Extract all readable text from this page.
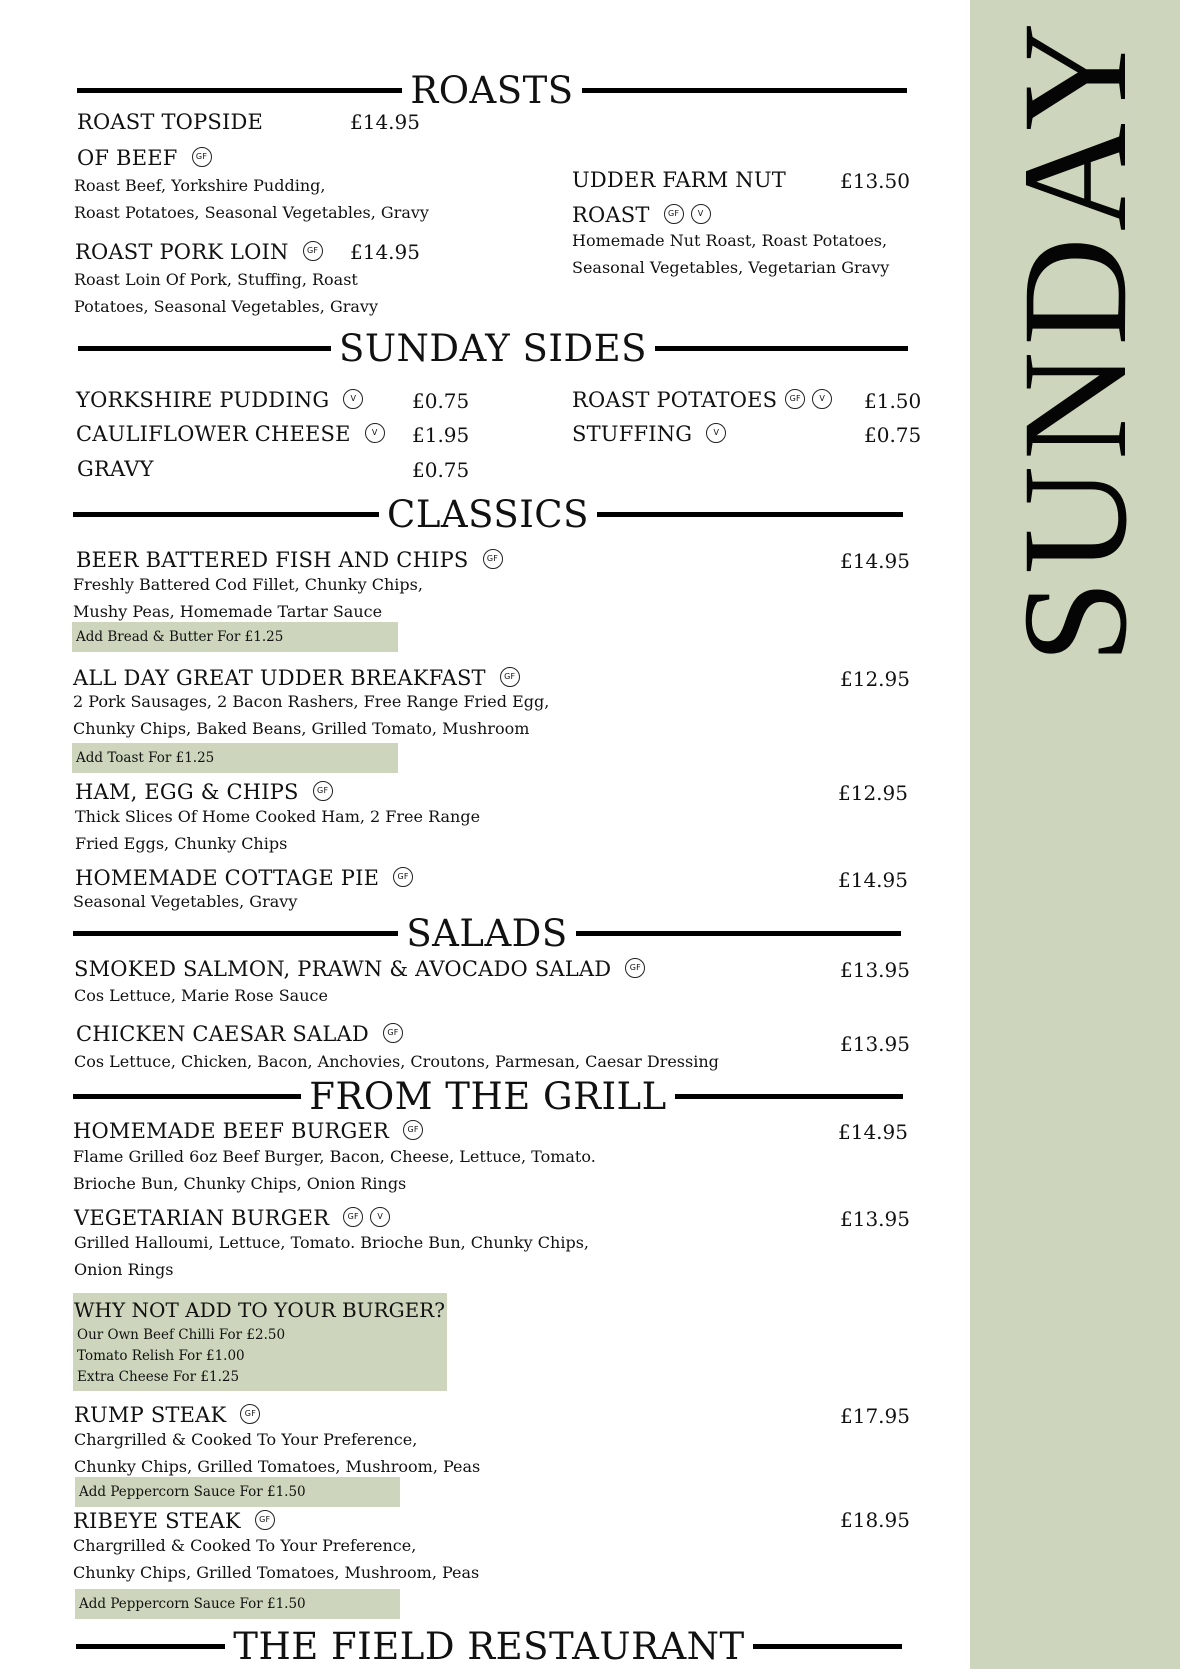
SUNDAY
ROASTS
ROAST TOPSIDE	£14.95
OF BEEF GF
Roast Beef, Yorkshire Pudding,
Roast Potatoes, Seasonal Vegetables, Gravy
ROAST PORK LOIN GF £14.95
Roast Loin Of Pork, Stuffing, Roast
Potatoes, Seasonal Vegetables, Gravy
UDDER FARM NUT	£13.50
ROAST GF V
Homemade Nut Roast, Roast Potatoes,
Seasonal Vegetables, Vegetarian Gravy
SUNDAY SIDES
YORKSHIRE PUDDING	V	£0.75
CAULIFLOWER CHEESE	V	£1.95
GRAVY	£0.75
ROAST POTATOES GF V	£1.50
STUFFING	V	£0.75
CLASSICS
BEER BATTERED FISH AND CHIPS GF	£14.95
Freshly Battered Cod Fillet, Chunky Chips,
Mushy Peas, Homemade Tartar Sauce
Add Bread & Butter For £1.25
ALL DAY GREAT UDDER BREAKFAST GF	£12.95
2 Pork Sausages, 2 Bacon Rashers, Free Range Fried Egg,
Chunky Chips, Baked Beans, Grilled Tomato, Mushroom
Add Toast For £1.25
HAM, EGG & CHIPS GF	£12.95
Thick Slices Of Home Cooked Ham, 2 Free Range
Fried Eggs, Chunky Chips
HOMEMADE COTTAGE PIE GF	£14.95
Seasonal Vegetables, Gravy
SALADS
SMOKED SALMON, PRAWN & AVOCADO SALAD GF	£13.95
Cos Lettuce, Marie Rose Sauce
CHICKEN CAESAR SALAD GF	£13.95
Cos Lettuce, Chicken, Bacon, Anchovies, Croutons, Parmesan, Caesar Dressing
FROM THE GRILL
HOMEMADE BEEF BURGER GF	£14.95
Flame Grilled 6oz Beef Burger, Bacon, Cheese, Lettuce, Tomato.
Brioche Bun, Chunky Chips, Onion Rings
VEGETARIAN BURGER GF V	£13.95
Grilled Halloumi, Lettuce, Tomato. Brioche Bun, Chunky Chips,
Onion Rings
WHY NOT ADD TO YOUR BURGER?
Our Own Beef Chilli For £2.50
Tomato Relish For £1.00
Extra Cheese For £1.25
RUMP STEAK GF	£17.95
Chargrilled & Cooked To Your Preference,
Chunky Chips, Grilled Tomatoes, Mushroom, Peas
Add Peppercorn Sauce For £1.50
RIBEYE STEAK GF	£18.95
Chargrilled & Cooked To Your Preference,
Chunky Chips, Grilled Tomatoes, Mushroom, Peas
Add Peppercorn Sauce For £1.50
THE FIELD RESTAURANT
